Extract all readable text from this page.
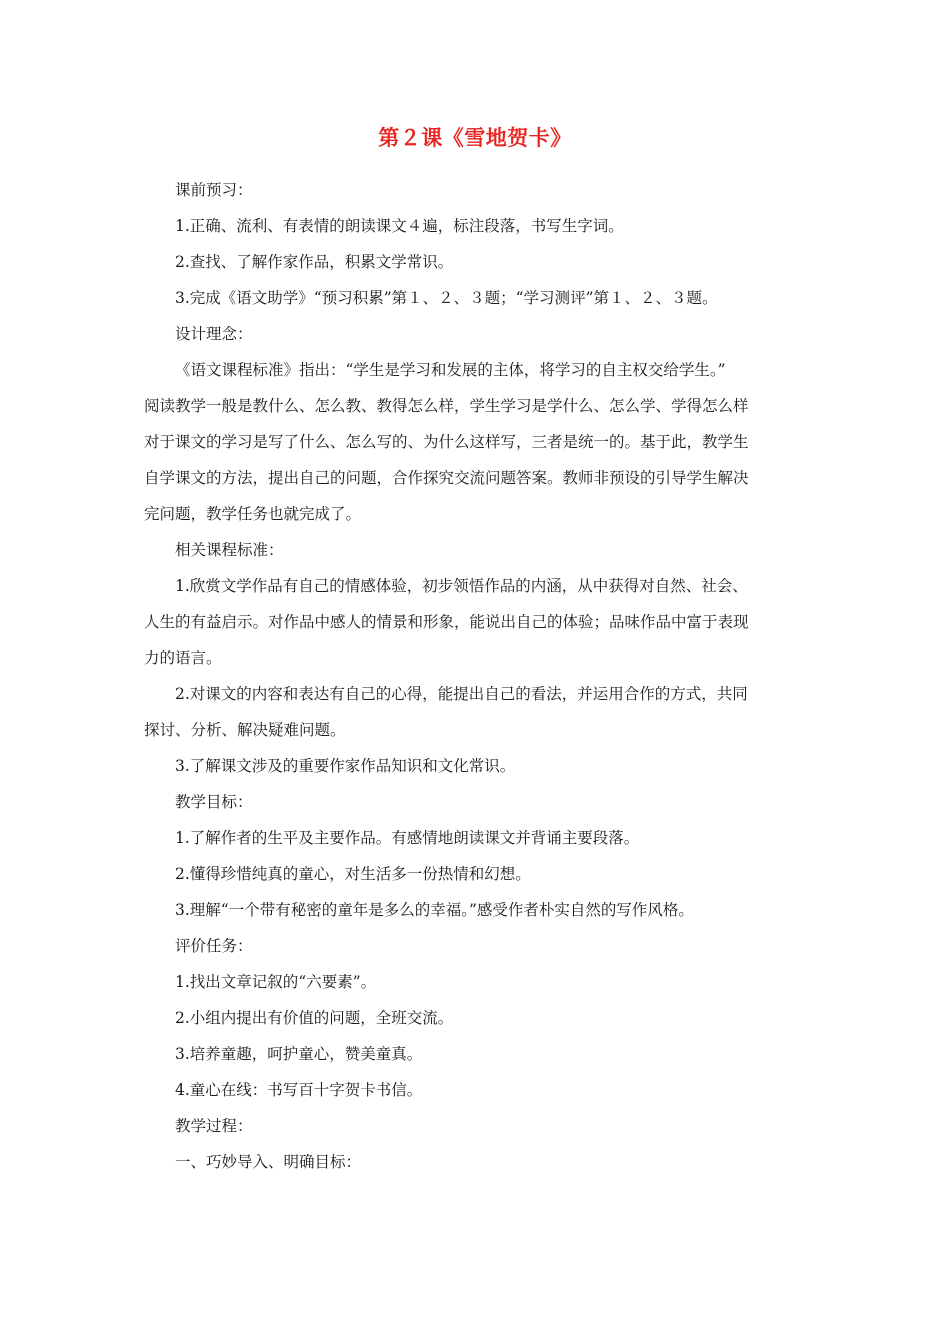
第２课《雪地贺卡》
课前预习：
1.正确、流利、有表情的朗读课文４遍，标注段落，书写生字词。
2.查找、了解作家作品，积累文学常识。
3.完成《语文助学》“预习积累”第１、２、３题；“学习测评”第１、２、３题。
设计理念：
《语文课程标准》指出：“学生是学习和发展的主体，将学习的自主权交给学生。”
阅读教学一般是教什么、怎么教、教得怎么样，学生学习是学什么、怎么学、学得怎么样
对于课文的学习是写了什么、怎么写的、为什么这样写，三者是统一的。基于此，教学生
自学课文的方法，提出自己的问题，合作探究交流问题答案。教师非预设的引导学生解决
完问题，教学任务也就完成了。
相关课程标准：
1.欣赏文学作品有自己的情感体验，初步领悟作品的内涵，从中获得对自然、社会、
人生的有益启示。对作品中感人的情景和形象，能说出自己的体验；品味作品中富于表现
力的语言。
2.对课文的内容和表达有自己的心得，能提出自己的看法，并运用合作的方式，共同
探讨、分析、解决疑难问题。
3.了解课文涉及的重要作家作品知识和文化常识。
教学目标：
1.了解作者的生平及主要作品。有感情地朗读课文并背诵主要段落。
2.懂得珍惜纯真的童心，对生活多一份热情和幻想。
3.理解“一个带有秘密的童年是多么的幸福。”感受作者朴实自然的写作风格。
评价任务：
1.找出文章记叙的“六要素”。
2.小组内提出有价值的问题，全班交流。
3.培养童趣，呵护童心，赞美童真。
4.童心在线：书写百十字贺卡书信。
教学过程：
一、巧妙导入、明确目标：
